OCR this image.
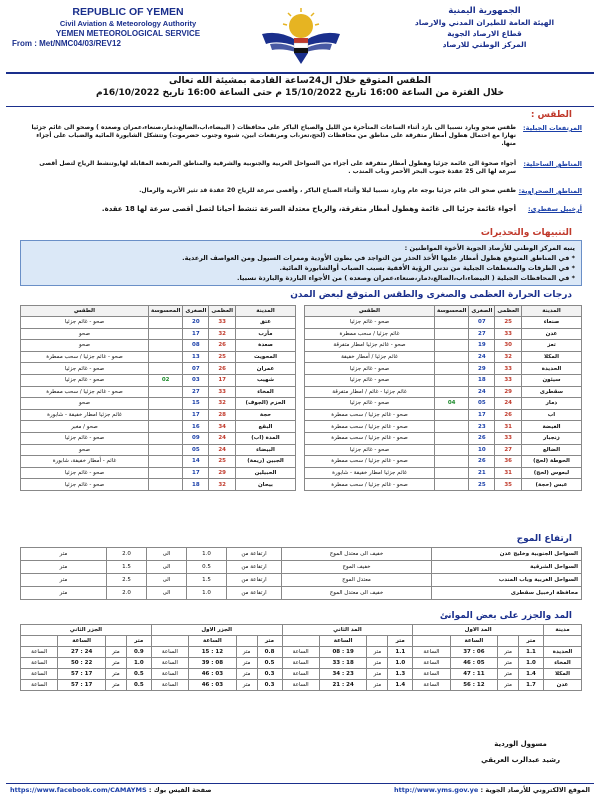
REPUBLIC OF YEMEN
Civil Aviation & Meteorology Authority
YEMEN METEOROLOGICAL SERVICE
From : Met/NMC04/03/REV12
الجمهورية اليمنية
الهيئة العامة للطيران المدني والارصاد
قطاع الارصاد الجوية
المركز الوطني للارصاد
الطقس المتوقع خلال ال24ساعة القادمة بمشيئة الله تعالى
خلال الفترة من الساعة 16:00 تاريخ 15/10/2022 م حتى الساعة 16:00 تاريخ 16/10/2022م
الطقس :
المرتفعات الجبلية:
طقس صحو وبارد نسبيا الى بارد أثناء الساعات المتأخرة من الليل والصباح الباكر على محافظات ( البيضاء،اب،الضالع،ذمار،صنعاء،عمران وصعده ) وصحو الى غائم جزئيا نهارا مع احتمال هطول أمطار متفرقة على مناطق من محافظات (لحج،تعز،اب ومرتفعات ابين، شبوه وجنوب حضرموت) وتتشكل الشابورة المائية والضباب على أجزاء منها.
المناطق الساحلية:
أجواء صحوة الى غائمة جزئيا وهطول أمطار متفرقة على أجزاء من السواحل الغربية والجنوبية والشرقية والمناطق المرتفعة المقابلة لها,وتنشط الرياح لتصل أقصى سرعة لها الى 25 عقدة جنوب البحر الأحمر وباب المندب .
المناطق الصحراوية:
طقس صحو الى غائم جزئيا بوجه عام وبارد نسبيا ليلا وأثناء الصباح الباكر ، وأقصى سرعة للرياح 20 عقدة قد تثير الأتربة والرمال.
أرخبيل سقطرى:
أجواء غائمة جزئيا الى غائمة وهطول أمطار متفرقة، والرياح معتدلة السرعة تنشط أحيانا لتصل أقصى سرعة لها 18 عقدة.
التنبيهات والتحذيرات
ينبه المركز الوطني للأرصاد الجوية الأخوة المواطنين :
* في المناطق المتوقع هطول أمطار عليها الأخذ الحذر من التواجد في بطون الأودية وممرات السيول ومن العواصف الرعدية.
* في الطرقات والمنعطفات الجبلية من تدني الرؤية الأفقية بسبب الضباب أوالشابورة المائية.
* في المحافظات الجبلية ( البيضاء،اب،الضالع،ذمار،صنعاء،عمران وصعده ) من الأجواء الباردة والباردة نسبيا.
درجات الحرارة العظمى والصغرى والطقس المتوقع لبعض المدن
المدينة	العظمى	الصغرى	المحسوسة	الطقس
صنعاء	25	07		صحو - غائم جزئيا
عدن	33	27		غائم جزئيا / سحب ممطرة
تعز	30	19		صحو - غائم جزئيا امطار متفرقة
المكلا	32	24		غائم جزئيا / أمطار خفيفة
الحديدة	33	29		صحو - غائم جزئيا
سيئون	33	18		صحو - غائم جزئيا
سقطرى	29	24		غائم جزئيا - غائم / امطار متفرقة
ذمار	24	05	04	صحو - غائم جزئيا
اب	26	17		صحو - غائم جزئيا / سحب ممطرة
الغيضة	31	23		صحو - غائم جزئيا / سحب ممطرة
زنجبار	33	26		صحو - غائم جزئيا / سحب ممطرة
الضالع	27	10		صحو - غائم جزئيا
الحوطة (لحج)	36	26		صحو - غائم جزئيا / سحب ممطرة
لبعوس (لحج)	31	21		غائم جزئيا امطار خفيفة - شابورة
عبس (حجة)	35	25		صحو - غائم جزئيا / سحب ممطرة
المدينة	العظمى	الصغرى	المحسوسة	الطقس
عتق	33	20		صحو - غائم جزئيا
مأرب	32	17		صحو
صعدة	26	08		صحو
المحويت	25	13		صحو - غائم جزئيا / سحب ممطرة
عمران	26	07		صحو - غائم جزئيا
شهيب	17	03	02	صحو - غائم جزئيا
المخاء	33	27		صحو - غائم جزئيا / سحب ممطرة
الحزم (الجوف)	32	15		صحو
حجة	28	17		غائم جزئيا امطار خفيفة - شابورة
البقع	34	16		صحو / مغبر
المدة (اب)	24	09		صحو - غائم جزئيا
البيضاء	24	05		صحو
الجبين (ريمة)	25	14		غائم - أمطار خفيفة، شابورة
الحبيلين	29	17		صحو - غائم جزئيا
بيحان	32	18		صحو - غائم جزئيا
ارتفاع الموج
السواحل الجنوبية وخليج عدن	خفيف الى معتدل الموج	ارتفاعة من	1.0	الى	2.0	متر
السواحل الشرقية	خفيف الموج	ارتفاعة من	0.5	الى	1.5	متر
السواحل الغربية وباب المندب	معتدل الموج	ارتفاعة من	1.5	الى	2.5	متر
محافظة ارخبيل سقطرى	خفيف الى معتدل الموج	ارتفاعة من	1.0	الى	2.0	متر
المد والجزر على بعض الموانئ
مدينة	المد الاول				المد الثاني				الجزر الاول				الجزر الثاني			
	متر		الساعة		متر		الساعة		متر		الساعة		متر		الساعة	
الحديدة	1.1	متر	06 : 37	الساعة	1.1	متر	19 : 08	الساعة	0.8	متر	12 : 15	الساعة	0.9	متر	24 : 27	الساعة
المخاء	1.0	متر	05 : 46	الساعة	1.0	متر	18 : 33	الساعة	0.5	متر	08 : 39	الساعة	1.0	متر	22 : 50	الساعة
المكلا	1.4	متر	11 : 47	الساعة	1.3	متر	23 : 34	الساعة	0.3	متر	03 : 46	الساعة	0.5	متر	17 : 57	الساعة
عدن	1.7	متر	12 : 56	الساعة	1.4	متر	24 : 21	الساعة	0.3	متر	03 : 46	الساعة	0.5	متر	17 : 57	الساعة
مسوول الوردية
رشيد عبدالرب العريقي
الموقع الالكتروني للأرصاد الجوية : http://www.yms.gov.ye
صفحة الفيس بوك : https://www.facebook.com/CAMAYMS
